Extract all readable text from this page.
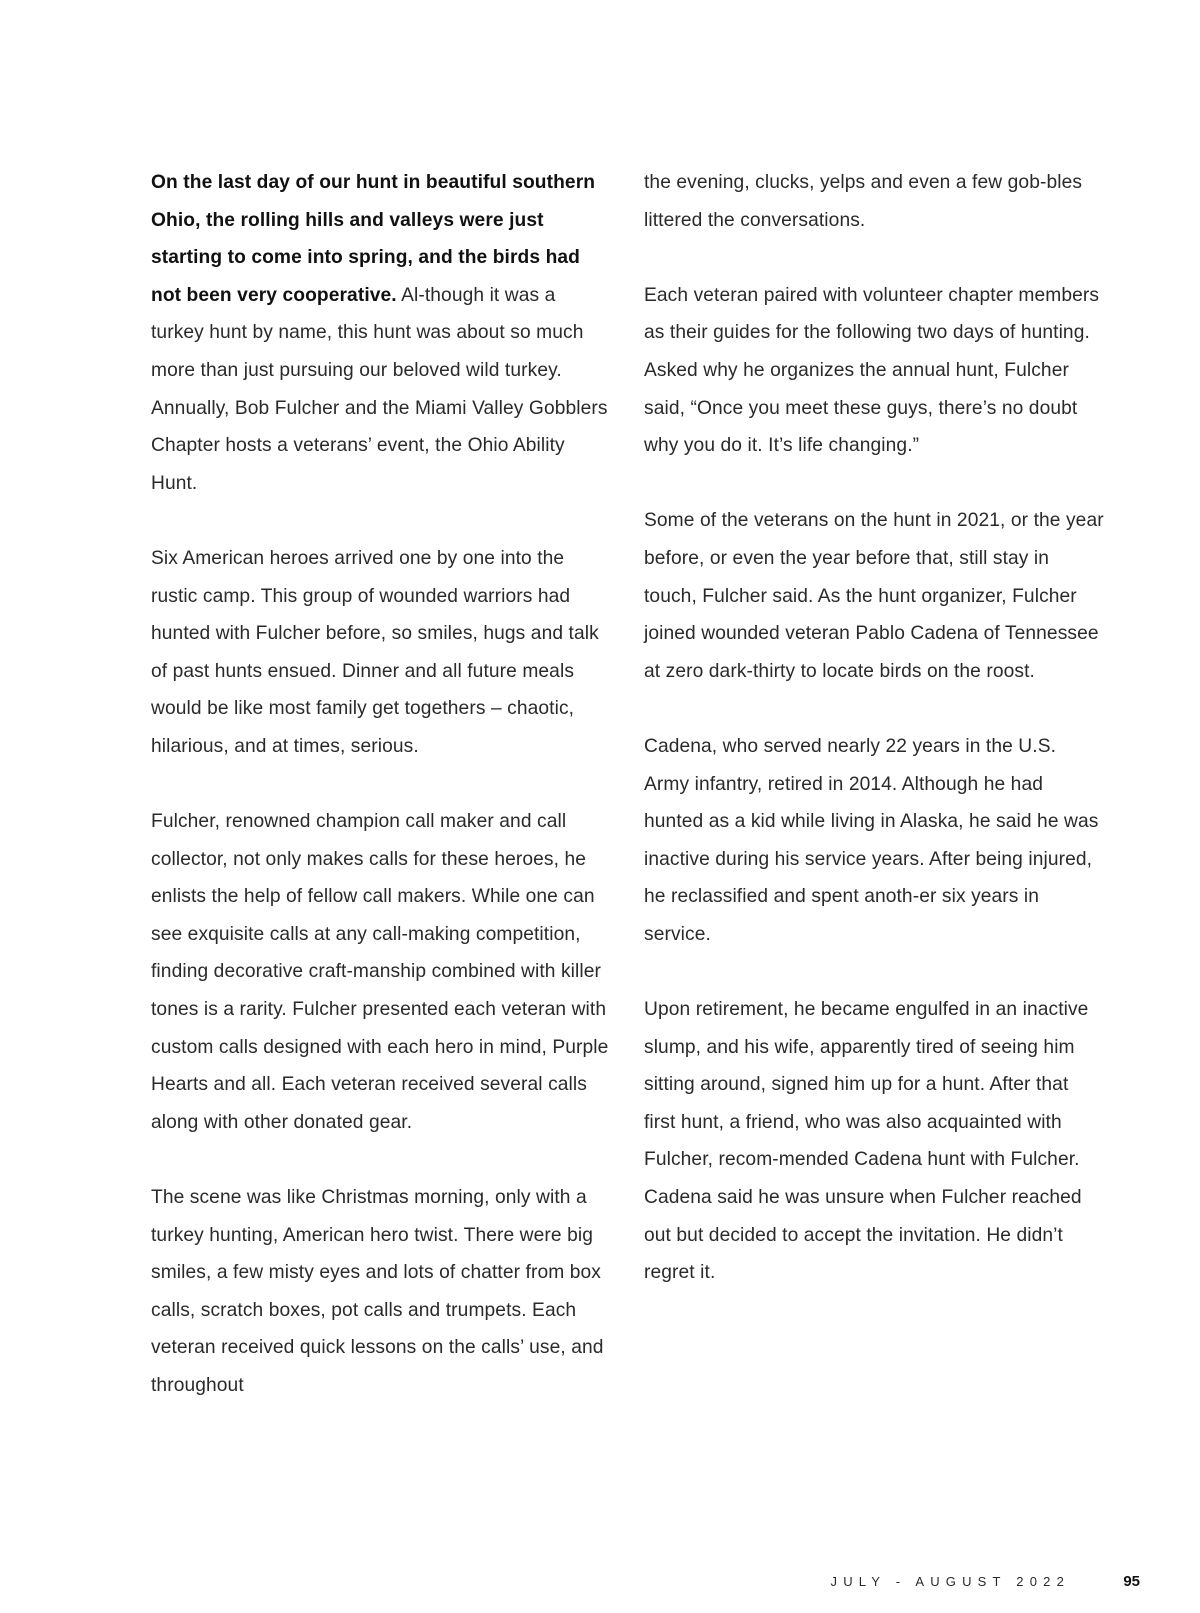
On the last day of our hunt in beautiful southern Ohio, the rolling hills and valleys were just starting to come into spring, and the birds had not been very cooperative. Al-though it was a turkey hunt by name, this hunt was about so much more than just pursuing our beloved wild turkey. Annually, Bob Fulcher and the Miami Valley Gobblers Chapter hosts a veterans’ event, the Ohio Ability Hunt.

Six American heroes arrived one by one into the rustic camp. This group of wounded warriors had hunted with Fulcher before, so smiles, hugs and talk of past hunts ensued. Dinner and all future meals would be like most family get togethers – chaotic, hilarious, and at times, serious.

Fulcher, renowned champion call maker and call collector, not only makes calls for these heroes, he enlists the help of fellow call makers. While one can see exquisite calls at any call-making competition, finding decorative craft-manship combined with killer tones is a rarity. Fulcher presented each veteran with custom calls designed with each hero in mind, Purple Hearts and all. Each veteran received several calls along with other donated gear.

The scene was like Christmas morning, only with a turkey hunting, American hero twist. There were big smiles, a few misty eyes and lots of chatter from box calls, scratch boxes, pot calls and trumpets. Each veteran received quick lessons on the calls’ use, and throughout

the evening, clucks, yelps and even a few gob-bles littered the conversations.

Each veteran paired with volunteer chapter members as their guides for the following two days of hunting. Asked why he organizes the annual hunt, Fulcher said, “Once you meet these guys, there’s no doubt why you do it. It’s life changing.”

Some of the veterans on the hunt in 2021, or the year before, or even the year before that, still stay in touch, Fulcher said. As the hunt organizer, Fulcher joined wounded veteran Pablo Cadena of Tennessee at zero dark-thirty to locate birds on the roost.

Cadena, who served nearly 22 years in the U.S. Army infantry, retired in 2014. Although he had hunted as a kid while living in Alaska, he said he was inactive during his service years. After being injured, he reclassified and spent anoth-er six years in service.

Upon retirement, he became engulfed in an inactive slump, and his wife, apparently tired of seeing him sitting around, signed him up for a hunt. After that first hunt, a friend, who was also acquainted with Fulcher, recom-mended Cadena hunt with Fulcher. Cadena said he was unsure when Fulcher reached out but decided to accept the invitation. He didn’t regret it.

JULY - AUGUST 2022	95
